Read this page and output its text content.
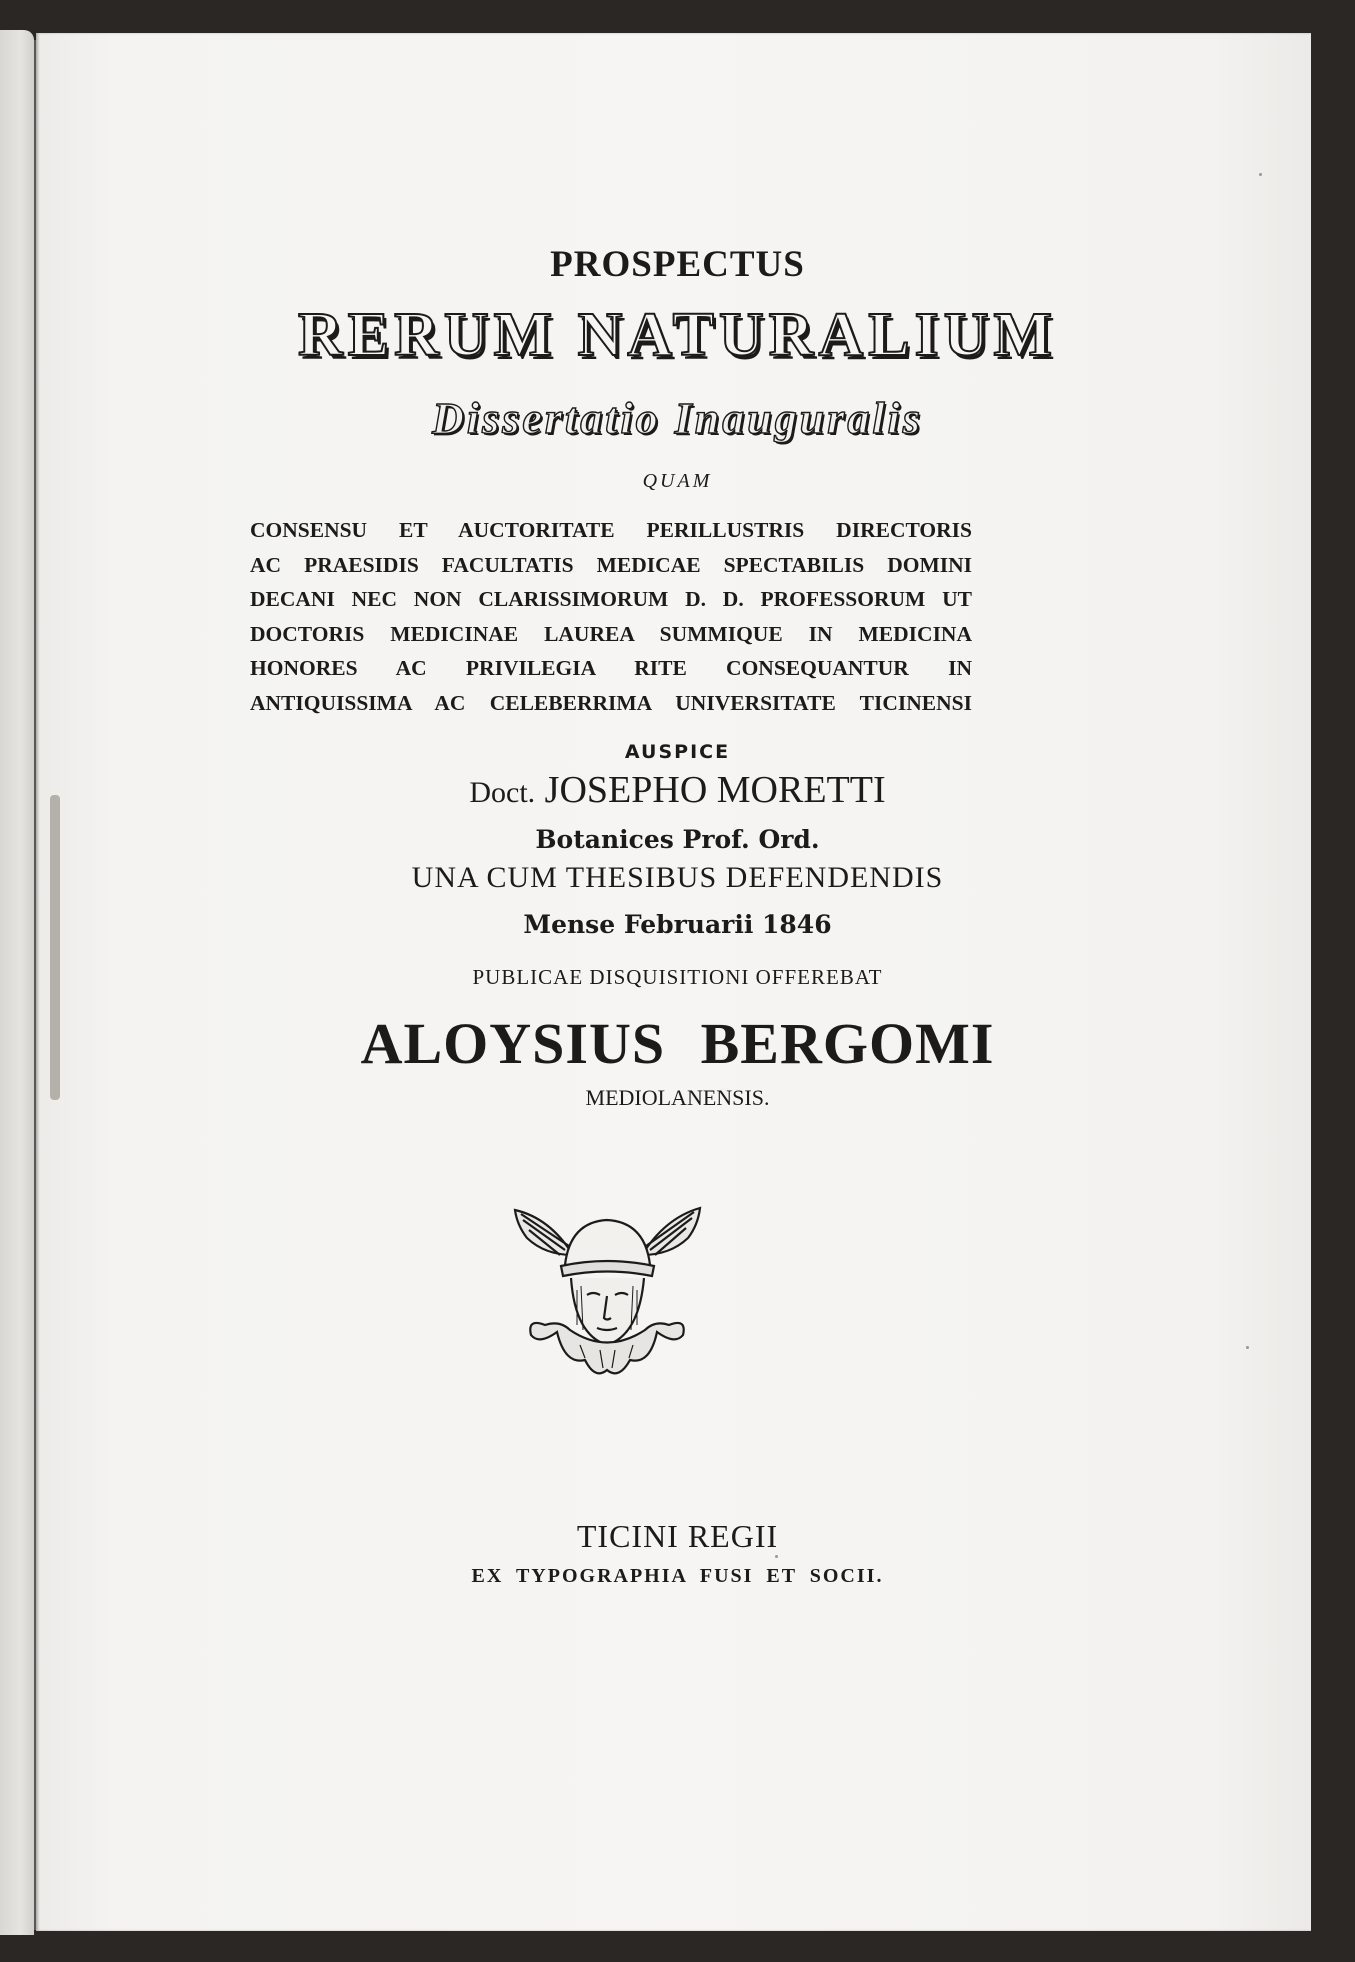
PROSPECTUS
RERUM NATURALIUM
Dissertatio Inauguralis
QUAM
CONSENSU ET AUCTORITATE PERILLUSTRIS DIRECTORIS
AC PRAESIDIS FACULTATIS MEDICAE SPECTABILIS DOMINI
DECANI NEC NON CLARISSIMORUM D. D. PROFESSORUM UT
DOCTORIS MEDICINAE LAUREA SUMMIQUE IN MEDICINA
HONORES AC PRIVILEGIA RITE CONSEQUANTUR IN
ANTIQUISSIMA AC CELEBERRIMA UNIVERSITATE TICINENSI
AUSPICE
Doct. JOSEPHO MORETTI
Botanices Prof. Ord.
UNA CUM THESIBUS DEFENDENDIS
Mense Februarii 1846
PUBLICAE DISQUISITIONI OFFEREBAT
ALOYSIUS BERGOMI
MEDIOLANENSIS.
TICINI REGII
EX TYPOGRAPHIA FUSI ET SOCII.
